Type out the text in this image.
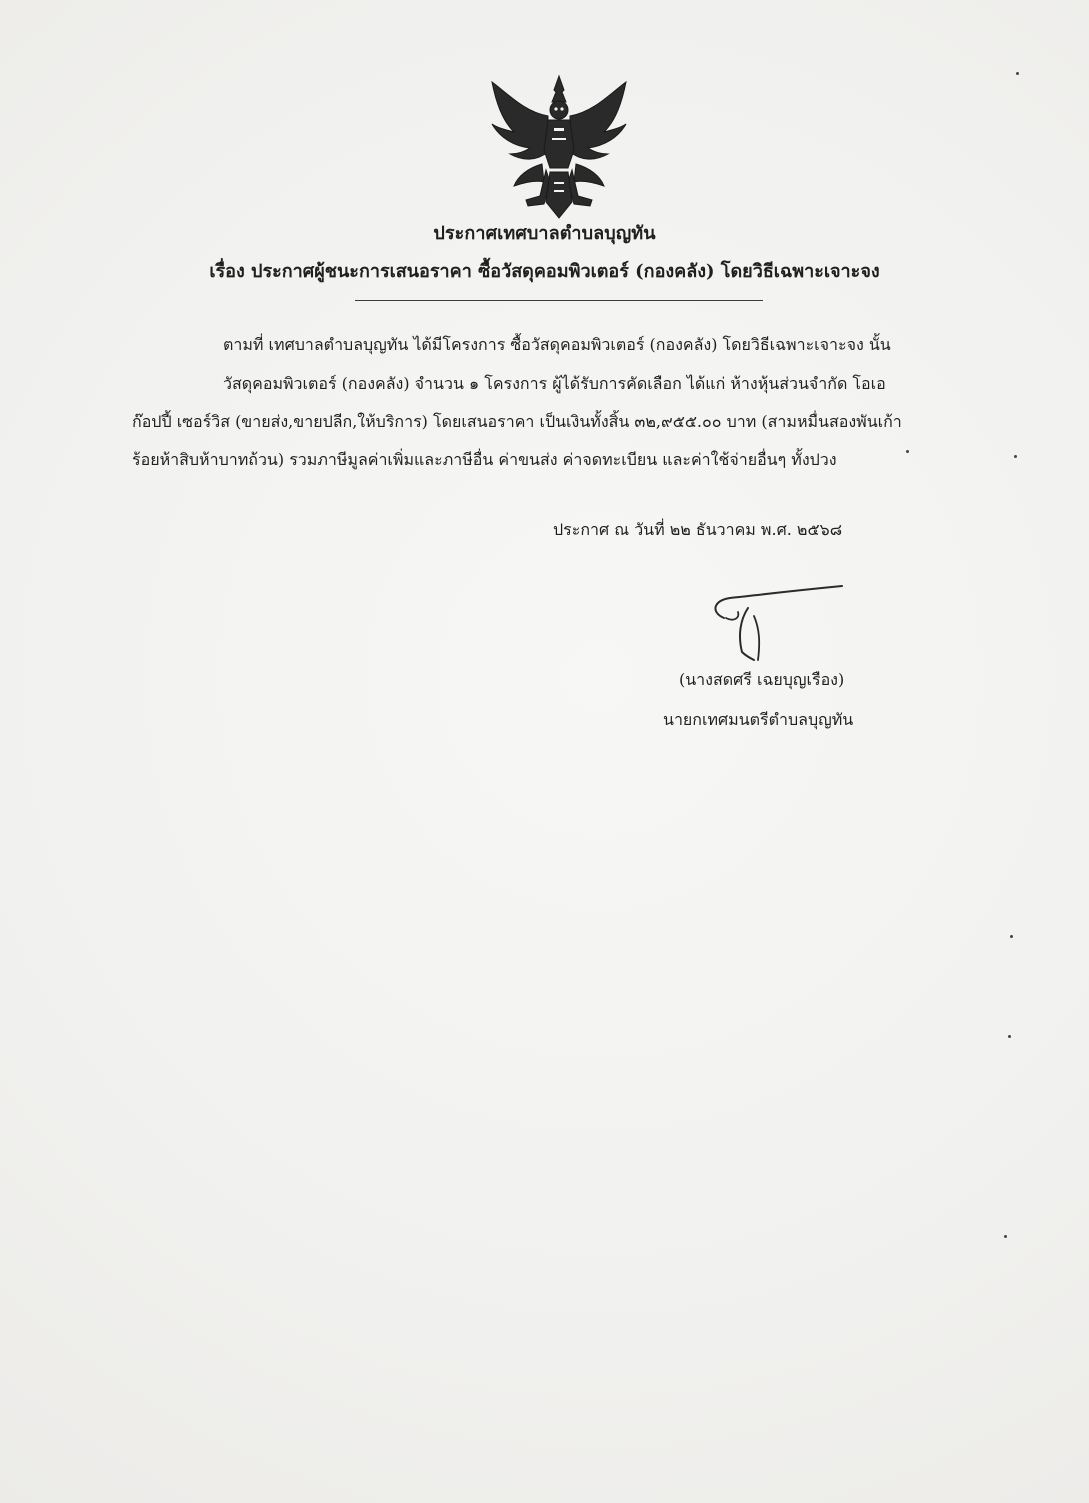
ประกาศเทศบาลตำบลบุญทัน
เรื่อง ประกาศผู้ชนะการเสนอราคา ซื้อวัสดุคอมพิวเตอร์ (กองคลัง) โดยวิธีเฉพาะเจาะจง
ตามที่ เทศบาลตำบลบุญทัน ได้มีโครงการ ซื้อวัสดุคอมพิวเตอร์ (กองคลัง) โดยวิธีเฉพาะเจาะจง นั้น
วัสดุคอมพิวเตอร์ (กองคลัง) จำนวน ๑ โครงการ ผู้ได้รับการคัดเลือก ได้แก่ ห้างหุ้นส่วนจำกัด โอเอ
ก๊อปปี้ เซอร์วิส (ขายส่ง,ขายปลีก,ให้บริการ) โดยเสนอราคา เป็นเงินทั้งสิ้น ๓๒,๙๕๕.๐๐ บาท (สามหมื่นสองพันเก้า
ร้อยห้าสิบห้าบาทถ้วน) รวมภาษีมูลค่าเพิ่มและภาษีอื่น ค่าขนส่ง ค่าจดทะเบียน และค่าใช้จ่ายอื่นๆ ทั้งปวง
ประกาศ ณ วันที่ ๒๒ ธันวาคม พ.ศ. ๒๕๖๘
(นางสดศรี เฉยบุญเรือง)
นายกเทศมนตรีตำบลบุญทัน
